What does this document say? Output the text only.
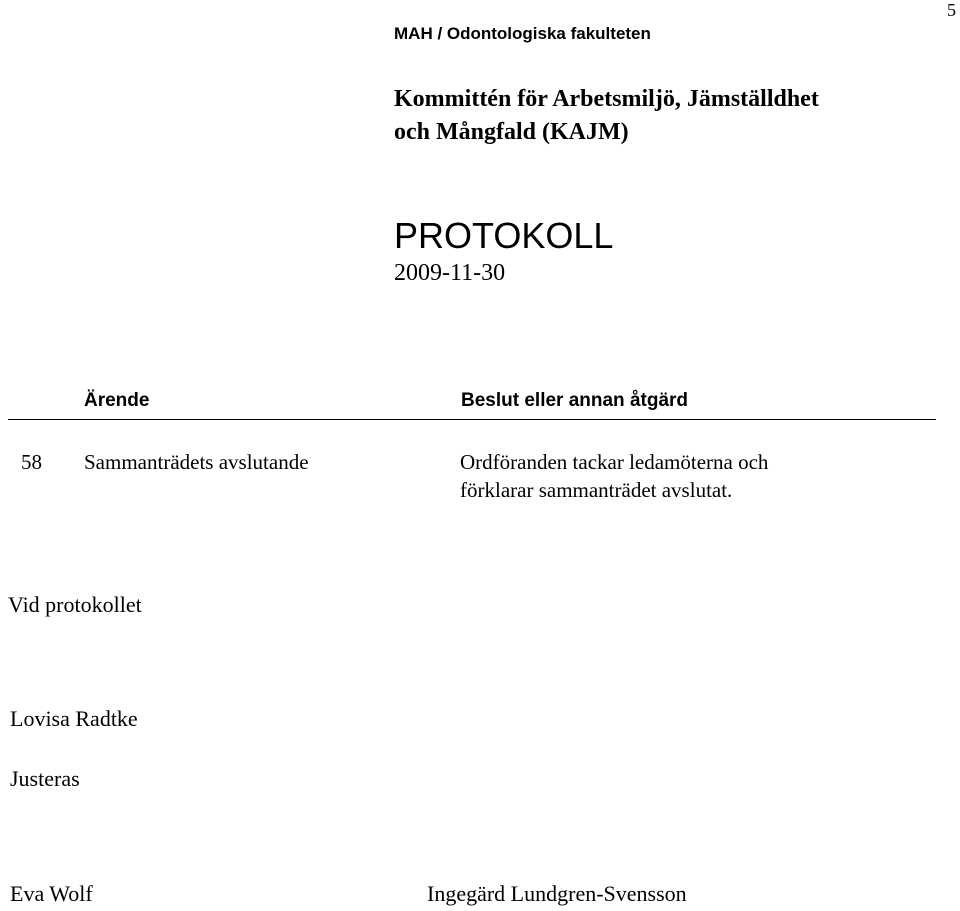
5
MAH / Odontologiska fakulteten
Kommittén för Arbetsmiljö, Jämställdhet
och Mångfald (KAJM)
PROTOKOLL
2009-11-30
Ärende	Beslut eller annan åtgärd
58 Sammanträdets avslutande	Ordföranden tackar ledamöterna och
förklarar sammanträdet avslutat.
Vid protokollet
Lovisa Radtke
Justeras
Eva Wolf	Ingegärd Lundgren-Svensson
